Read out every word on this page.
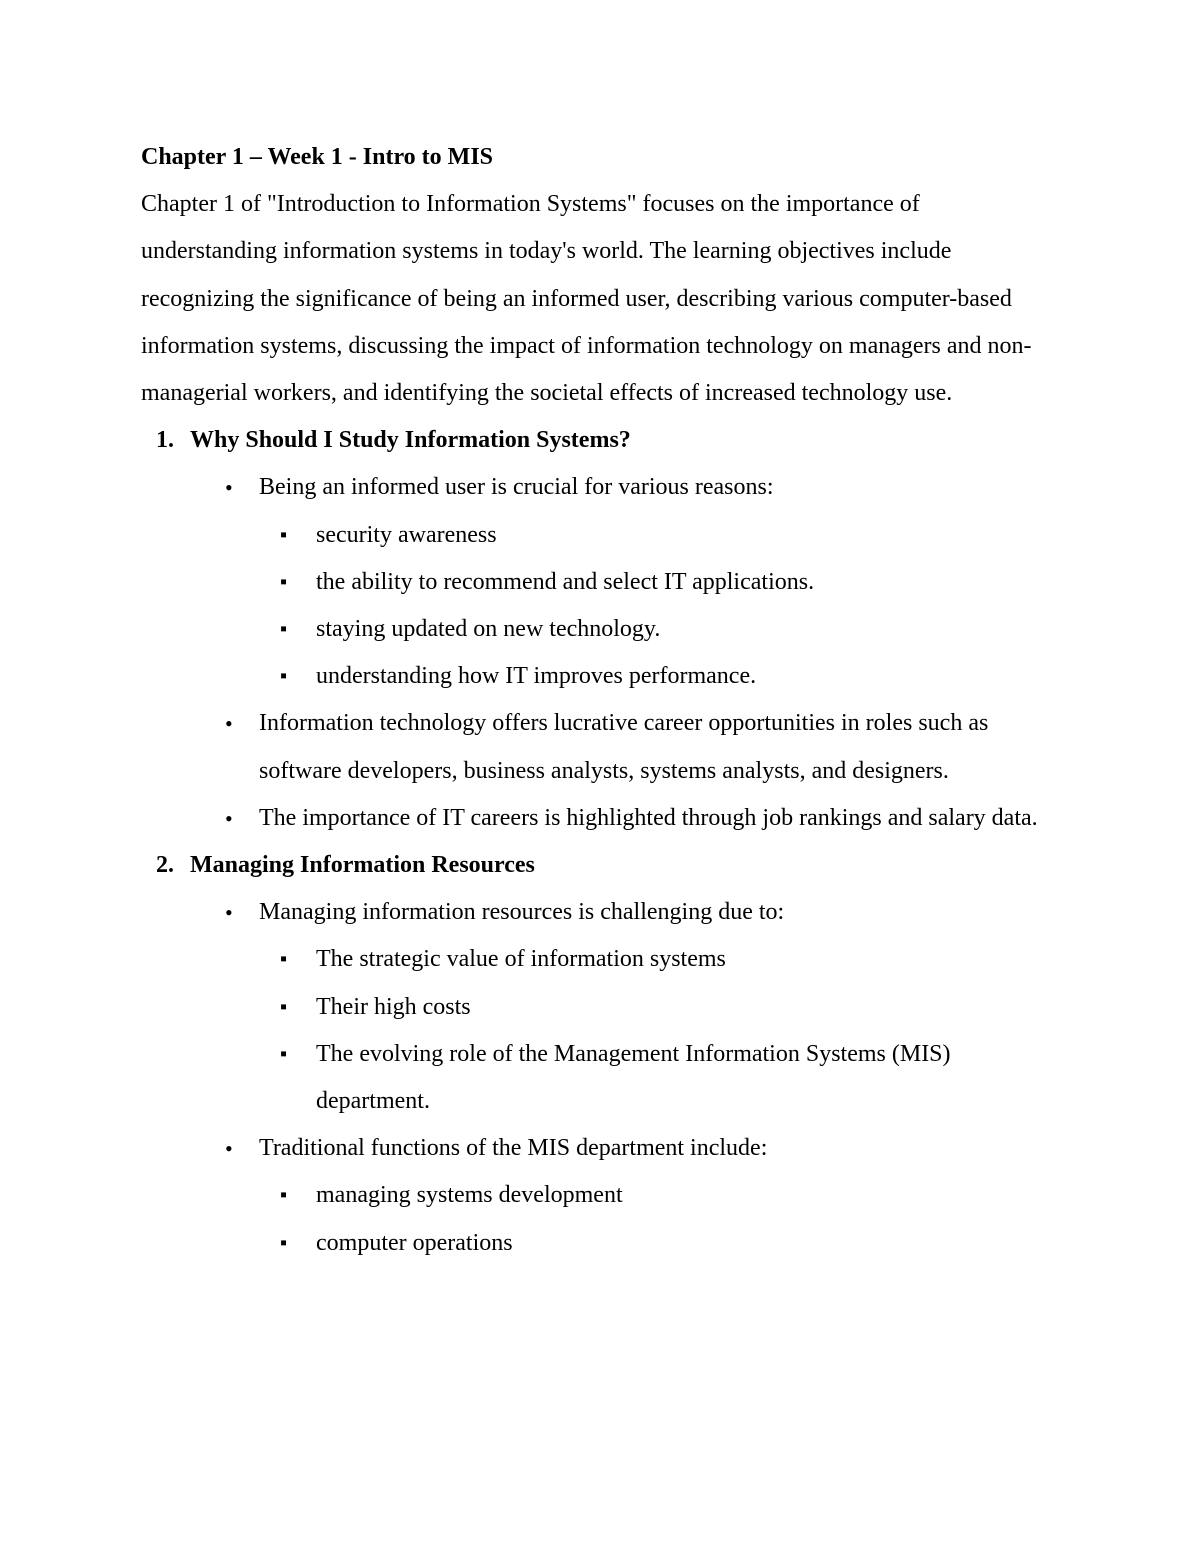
Chapter 1 – Week 1 - Intro to MIS

Chapter 1 of "Introduction to Information Systems" focuses on the importance of understanding information systems in today's world. The learning objectives include recognizing the significance of being an informed user, describing various computer-based information systems, discussing the impact of information technology on managers and non-managerial workers, and identifying the societal effects of increased technology use.

1. Why Should I Study Information Systems?
• Being an informed user is crucial for various reasons:
▪ security awareness
▪ the ability to recommend and select IT applications.
▪ staying updated on new technology.
▪ understanding how IT improves performance.
• Information technology offers lucrative career opportunities in roles such as software developers, business analysts, systems analysts, and designers.
• The importance of IT careers is highlighted through job rankings and salary data.
2. Managing Information Resources
• Managing information resources is challenging due to:
▪ The strategic value of information systems
▪ Their high costs
▪ The evolving role of the Management Information Systems (MIS) department.
• Traditional functions of the MIS department include:
▪ managing systems development
▪ computer operations
